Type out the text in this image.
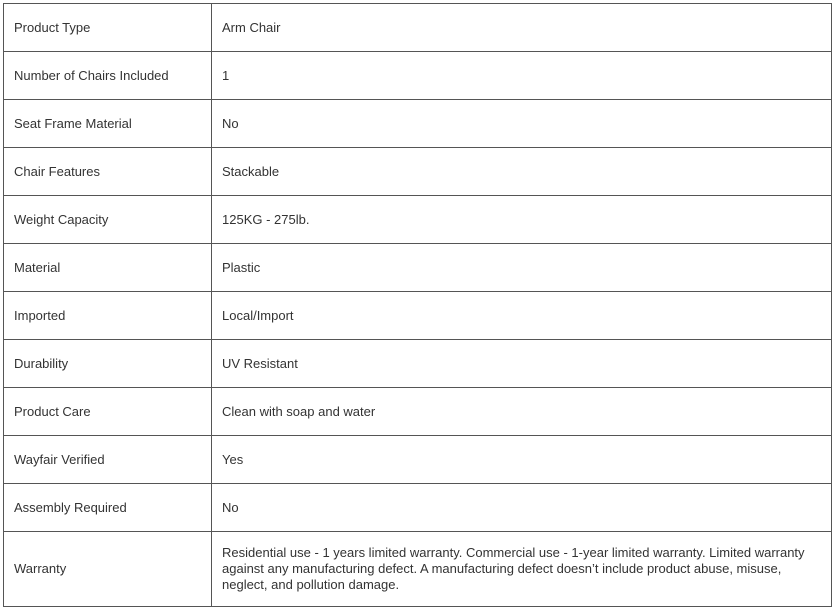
Product Type	Arm Chair
Number of Chairs Included	1
Seat Frame Material	No
Chair Features	Stackable
Weight Capacity	125KG - 275lb.
Material	Plastic
Imported	Local/Import
Durability	UV Resistant
Product Care	Clean with soap and water
Wayfair Verified	Yes
Assembly Required	No
Warranty	Residential use - 1 years limited warranty. Commercial use - 1-year limited warranty. Limited warranty against any manufacturing defect. A manufacturing defect doesn’t include product abuse, misuse, neglect, and pollution damage.
